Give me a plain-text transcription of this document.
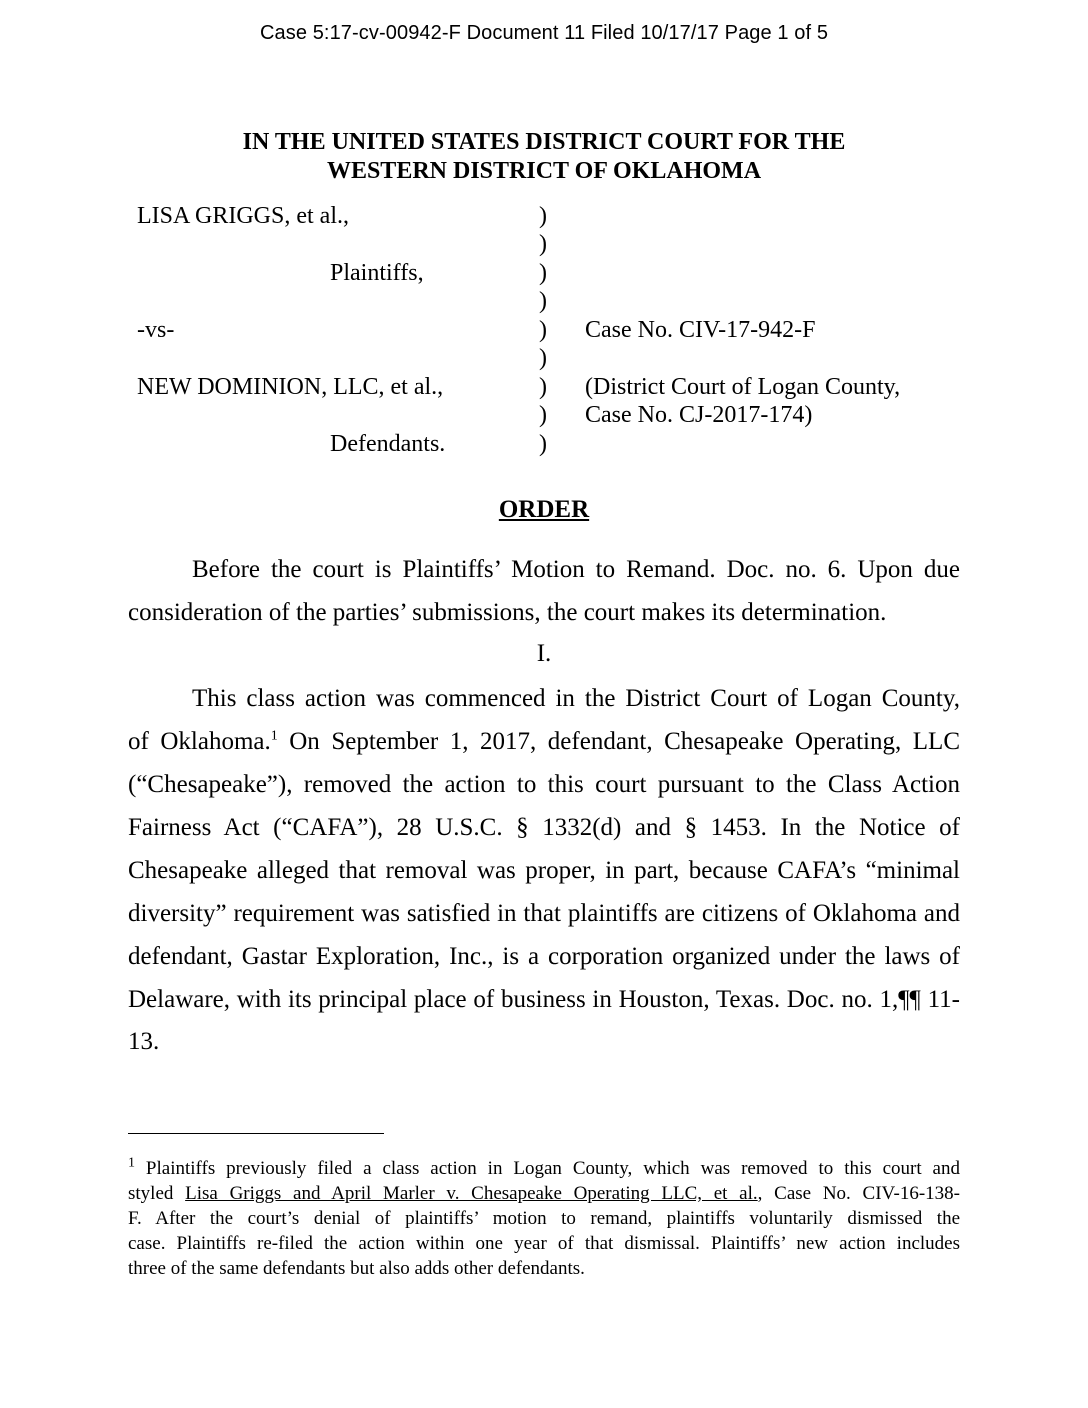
Case 5:17-cv-00942-F Document 11 Filed 10/17/17 Page 1 of 5
IN THE UNITED STATES DISTRICT COURT FOR THE
WESTERN DISTRICT OF OKLAHOMA
LISA GRIGGS, et al.,
Plaintiffs,
-vs-
NEW DOMINION, LLC, et al.,
Defendants.
)
)
)
)
)
)
)
)
)
Case No. CIV-17-942-F
(District Court of Logan County,
Case No. CJ-2017-174)
ORDER
Before the court is Plaintiffs’ Motion to Remand. Doc. no. 6. Upon due
consideration of the parties’ submissions, the court makes its determination.
I.
This class action was commenced in the District Court of Logan County,
of Oklahoma.$^1$ On September 1, 2017, defendant, Chesapeake Operating, LLC
(“Chesapeake”), removed the action to this court pursuant to the Class Action
Fairness Act (“CAFA”), 28 U.S.C. § 1332(d) and § 1453. In the Notice of
Chesapeake alleged that removal was proper, in part, because CAFA’s “minimal
diversity” requirement was satisfied in that plaintiffs are citizens of Oklahoma and
defendant, Gastar Exploration, Inc., is a corporation organized under the laws of
Delaware, with its principal place of business in Houston, Texas. Doc. no. 1,¶¶ 11-
13.
$^1$ Plaintiffs previously filed a class action in Logan County, which was removed to this court and
styled Lisa Griggs and April Marler v. Chesapeake Operating LLC, et al., Case No. CIV-16-138-
F. After the court’s denial of plaintiffs’ motion to remand, plaintiffs voluntarily dismissed the
case. Plaintiffs re-filed the action within one year of that dismissal. Plaintiffs’ new action includes
three of the same defendants but also adds other defendants.
